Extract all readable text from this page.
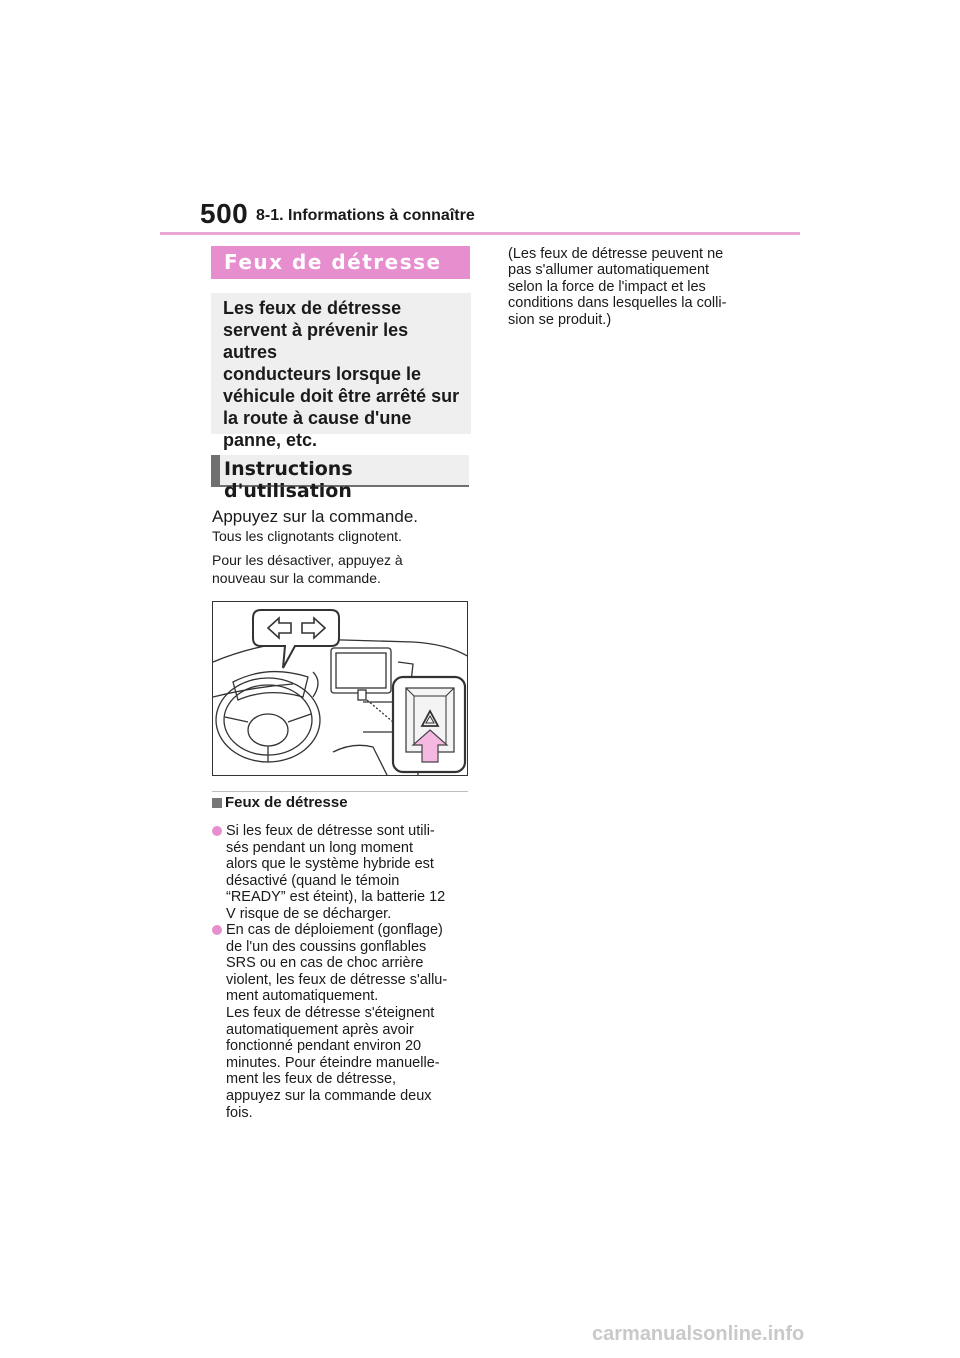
500 8-1. Informations à connaître
Feux de détresse
Les feux de détresse
servent à prévenir les autres
conducteurs lorsque le
véhicule doit être arrêté sur
la route à cause d'une
panne, etc.
Instructions d'utilisation
Appuyez sur la commande.
Tous les clignotants clignotent.
Pour les désactiver, appuyez à
nouveau sur la commande.
Feux de détresse
Si les feux de détresse sont utili-
sés pendant un long moment
alors que le système hybride est
désactivé (quand le témoin
“READY” est éteint), la batterie 12
V risque de se décharger.
En cas de déploiement (gonflage)
de l'un des coussins gonflables
SRS ou en cas de choc arrière
violent, les feux de détresse s'allu-
ment automatiquement.
Les feux de détresse s'éteignent
automatiquement après avoir
fonctionné pendant environ 20
minutes. Pour éteindre manuelle-
ment les feux de détresse,
appuyez sur la commande deux
fois.
(Les feux de détresse peuvent ne
pas s'allumer automatiquement
selon la force de l'impact et les
conditions dans lesquelles la colli-
sion se produit.)
carmanualsonline.info
